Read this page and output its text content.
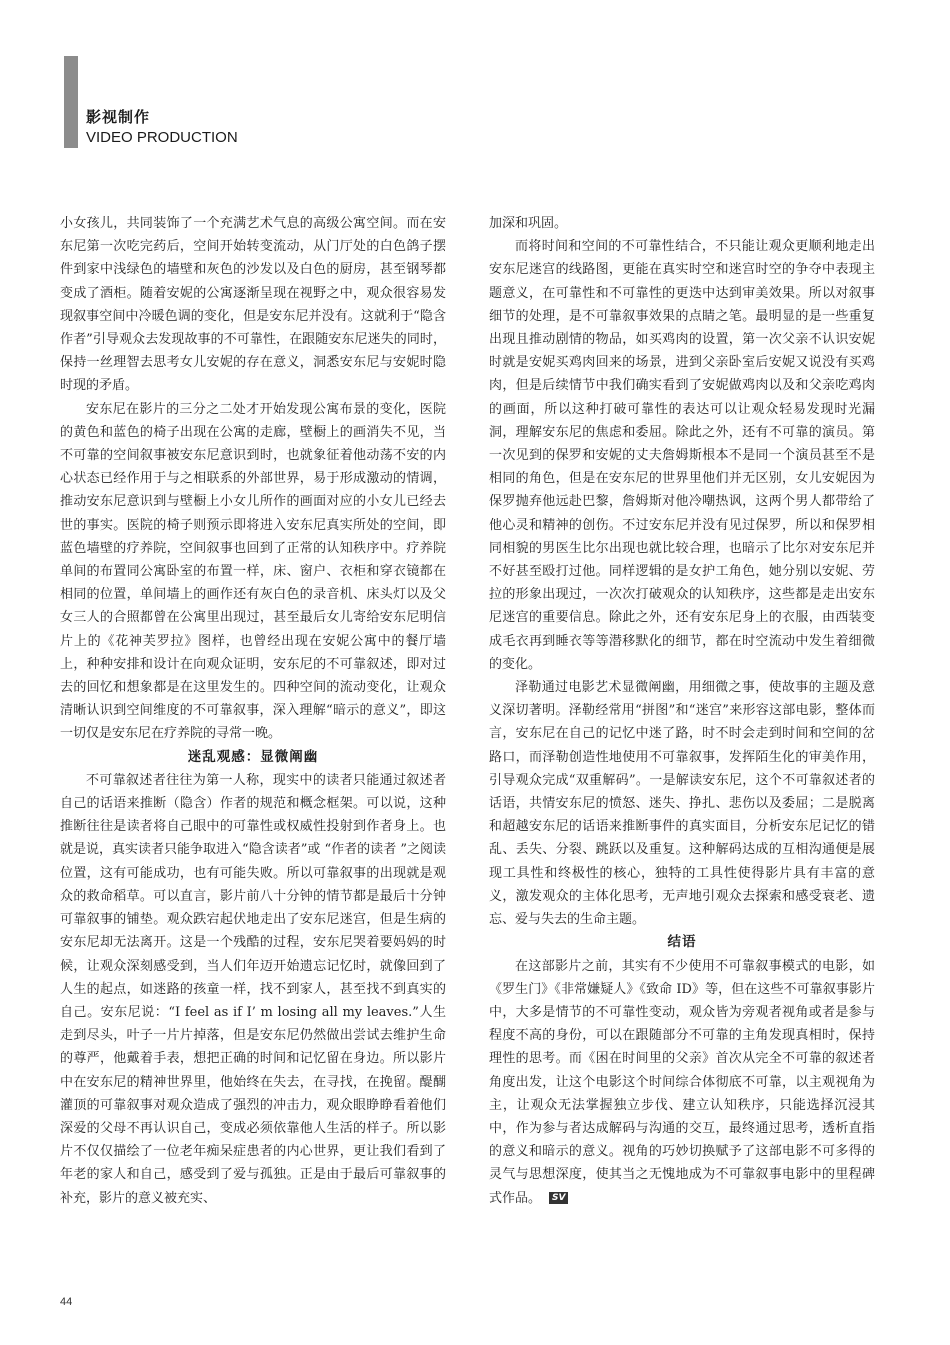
影视制作
VIDEO PRODUCTION

小女孩儿，共同装饰了一个充满艺术气息的高级公寓空间。而在安东尼第一次吃完药后，空间开始转变流动，从门厅处的白色鸽子摆件到家中浅绿色的墙壁和灰色的沙发以及白色的厨房，甚至钢琴都变成了酒柜。随着安妮的公寓逐渐呈现在视野之中，观众很容易发现叙事空间中冷暖色调的变化，但是安东尼并没有。这就利于“隐含作者”引导观众去发现故事的不可靠性，在跟随安东尼迷失的同时，保持一丝理智去思考女儿安妮的存在意义，洞悉安东尼与安妮时隐时现的矛盾。

安东尼在影片的三分之二处才开始发现公寓布景的变化，医院的黄色和蓝色的椅子出现在公寓的走廊，壁橱上的画消失不见，当不可靠的空间叙事被安东尼意识到时，也就象征着他动荡不安的内心状态已经作用于与之相联系的外部世界，易于形成激动的情调，推动安东尼意识到与壁橱上小女儿所作的画面对应的小女儿已经去世的事实。医院的椅子则预示即将进入安东尼真实所处的空间，即蓝色墙壁的疗养院，空间叙事也回到了正常的认知秩序中。疗养院单间的布置同公寓卧室的布置一样，床、窗户、衣柜和穿衣镜都在相同的位置，单间墙上的画作还有灰白色的录音机、床头灯以及父女三人的合照都曾在公寓里出现过，甚至最后女儿寄给安东尼明信片上的《花神芙罗拉》图样，也曾经出现在安妮公寓中的餐厅墙上，种种安排和设计在向观众证明，安东尼的不可靠叙述，即对过去的回忆和想象都是在这里发生的。四种空间的流动变化，让观众清晰认识到空间维度的不可靠叙事，深入理解“暗示的意义”，即这一切仅是安东尼在疗养院的寻常一晚。

迷乱观感：显微阐幽

不可靠叙述者往往为第一人称，现实中的读者只能通过叙述者自己的话语来推断（隐含）作者的规范和概念框架。可以说，这种推断往往是读者将自己眼中的可靠性或权威性投射到作者身上。也就是说，真实读者只能争取进入“隐含读者”或 “作者的读者 ”之阅读位置，这有可能成功，也有可能失败。所以可靠叙事的出现就是观众的救命稻草。可以直言，影片前八十分钟的情节都是最后十分钟可靠叙事的铺垫。观众跌宕起伏地走出了安东尼迷宫，但是生病的安东尼却无法离开。这是一个残酷的过程，安东尼哭着要妈妈的时候，让观众深刻感受到，当人们年迈开始遗忘记忆时，就像回到了人生的起点，如迷路的孩童一样，找不到家人，甚至找不到真实的自己。安东尼说：“I feel as if I’ m losing all my leaves.”人生走到尽头，叶子一片片掉落，但是安东尼仍然做出尝试去维护生命的尊严，他戴着手表，想把正确的时间和记忆留在身边。所以影片中在安东尼的精神世界里，他始终在失去，在寻找，在挽留。醍醐灌顶的可靠叙事对观众造成了强烈的冲击力，观众眼睁睁看着他们深爱的父母不再认识自己，变成必须依靠他人生活的样子。所以影片不仅仅描绘了一位老年痴呆症患者的内心世界，更让我们看到了年老的家人和自己，感受到了爱与孤独。正是由于最后可靠叙事的补充，影片的意义被充实、

加深和巩固。

而将时间和空间的不可靠性结合，不只能让观众更顺利地走出安东尼迷宫的线路图，更能在真实时空和迷宫时空的争夺中表现主题意义，在可靠性和不可靠性的更迭中达到审美效果。所以对叙事细节的处理，是不可靠叙事效果的点睛之笔。最明显的是一些重复出现且推动剧情的物品，如买鸡肉的设置，第一次父亲不认识安妮时就是安妮买鸡肉回来的场景，进到父亲卧室后安妮又说没有买鸡肉，但是后续情节中我们确实看到了安妮做鸡肉以及和父亲吃鸡肉的画面，所以这种打破可靠性的表达可以让观众轻易发现时光漏洞，理解安东尼的焦虑和委屈。除此之外，还有不可靠的演员。第一次见到的保罗和安妮的丈夫詹姆斯根本不是同一个演员甚至不是相同的角色，但是在安东尼的世界里他们并无区别，女儿安妮因为保罗抛弃他远赴巴黎，詹姆斯对他冷嘲热讽，这两个男人都带给了他心灵和精神的创伤。不过安东尼并没有见过保罗，所以和保罗相同相貌的男医生比尔出现也就比较合理，也暗示了比尔对安东尼并不好甚至殴打过他。同样逻辑的是女护工角色，她分别以安妮、劳拉的形象出现过，一次次打破观众的认知秩序，这些都是走出安东尼迷宫的重要信息。除此之外，还有安东尼身上的衣服，由西装变成毛衣再到睡衣等等潜移默化的细节，都在时空流动中发生着细微的变化。

泽勒通过电影艺术显微阐幽，用细微之事，使故事的主题及意义深切著明。泽勒经常用“拼图”和“迷宫”来形容这部电影，整体而言，安东尼在自己的记忆中迷了路，时不时会走到时间和空间的岔路口，而泽勒创造性地使用不可靠叙事，发挥陌生化的审美作用，引导观众完成“双重解码”。一是解读安东尼，这个不可靠叙述者的话语，共情安东尼的愤怒、迷失、挣扎、悲伤以及委屈；二是脱离和超越安东尼的话语来推断事件的真实面目，分析安东尼记忆的错乱、丢失、分裂、跳跃以及重复。这种解码达成的互相沟通便是展现工具性和终极性的核心，独特的工具性使得影片具有丰富的意义，激发观众的主体化思考，无声地引观众去探索和感受衰老、遗忘、爱与失去的生命主题。

结语

在这部影片之前，其实有不少使用不可靠叙事模式的电影，如《罗生门》《非常嫌疑人》《致命 ID》等，但在这些不可靠叙事影片中，大多是情节的不可靠性变动，观众皆为旁观者视角或者是参与程度不高的身份，可以在跟随部分不可靠的主角发现真相时，保持理性的思考。而《困在时间里的父亲》首次从完全不可靠的叙述者角度出发，让这个电影这个时间综合体彻底不可靠，以主观视角为主，让观众无法掌握独立步伐、建立认知秩序，只能选择沉浸其中，作为参与者达成解码与沟通的交互，最终通过思考，透析直指的意义和暗示的意义。视角的巧妙切换赋予了这部电影不可多得的灵气与思想深度，使其当之无愧地成为不可靠叙事电影中的里程碑式作品。 SV

44
